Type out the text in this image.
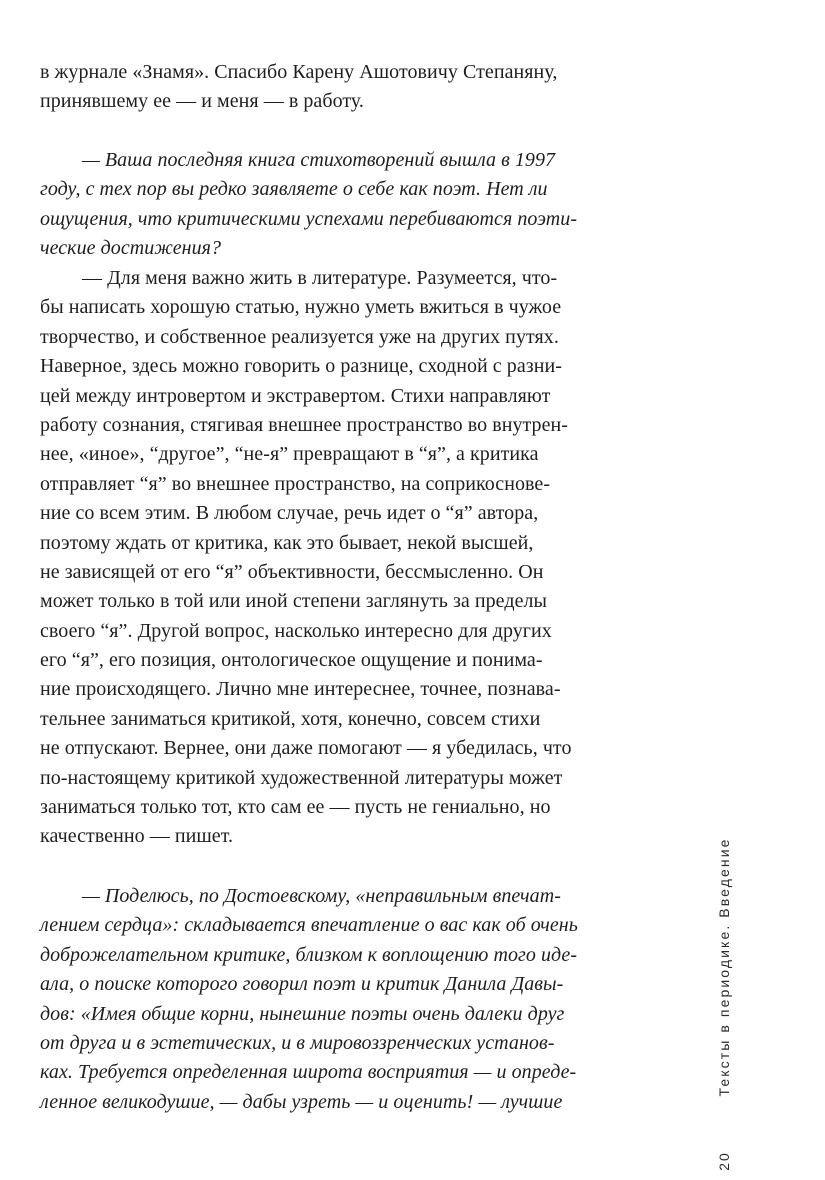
в журнале «Знамя». Спасибо Карену Ашотовичу Степаняну,
принявшему ее — и меня — в работу.
— Ваша последняя книга стихотворений вышла в 1997
году, с тех пор вы редко заявляете о себе как поэт. Нет ли
ощущения, что критическими успехами перебиваются поэти-
ческие достижения?
— Для меня важно жить в литературе. Разумеется, что-
бы написать хорошую статью, нужно уметь вжиться в чужое
творчество, и собственное реализуется уже на других путях.
Наверное, здесь можно говорить о разнице, сходной с разни-
цей между интровертом и экстравертом. Стихи направляют
работу сознания, стягивая внешнее пространство во внутрен-
нее, «иное», “другое”, “не-я” превращают в “я”, а критика
отправляет “я” во внешнее пространство, на соприкоснове-
ние со всем этим. В любом случае, речь идет о “я” автора,
поэтому ждать от критика, как это бывает, некой высшей,
не зависящей от его “я” объективности, бессмысленно. Он
может только в той или иной степени заглянуть за пределы
своего “я”. Другой вопрос, насколько интересно для других
его “я”, его позиция, онтологическое ощущение и понима-
ние происходящего. Лично мне интереснее, точнее, познава-
тельнее заниматься критикой, хотя, конечно, совсем стихи
не отпускают. Вернее, они даже помогают — я убедилась, что
по-настоящему критикой художественной литературы может
заниматься только тот, кто сам ее — пусть не гениально, но
качественно — пишет.
— Поделюсь, по Достоевскому, «неправильным впечат-
лением сердца»: складывается впечатление о вас как об очень
доброжелательном критике, близком к воплощению того иде-
ала, о поиске которого говорил поэт и критик Данила Давы-
дов: «Имея общие корни, нынешние поэты очень далеки друг
от друга и в эстетических, и в мировоззренческих установ-
ках. Требуется определенная широта восприятия — и опреде-
ленное великодушие, — дабы узреть — и оценить! — лучшие
Тексты в периодике. Введение
20
